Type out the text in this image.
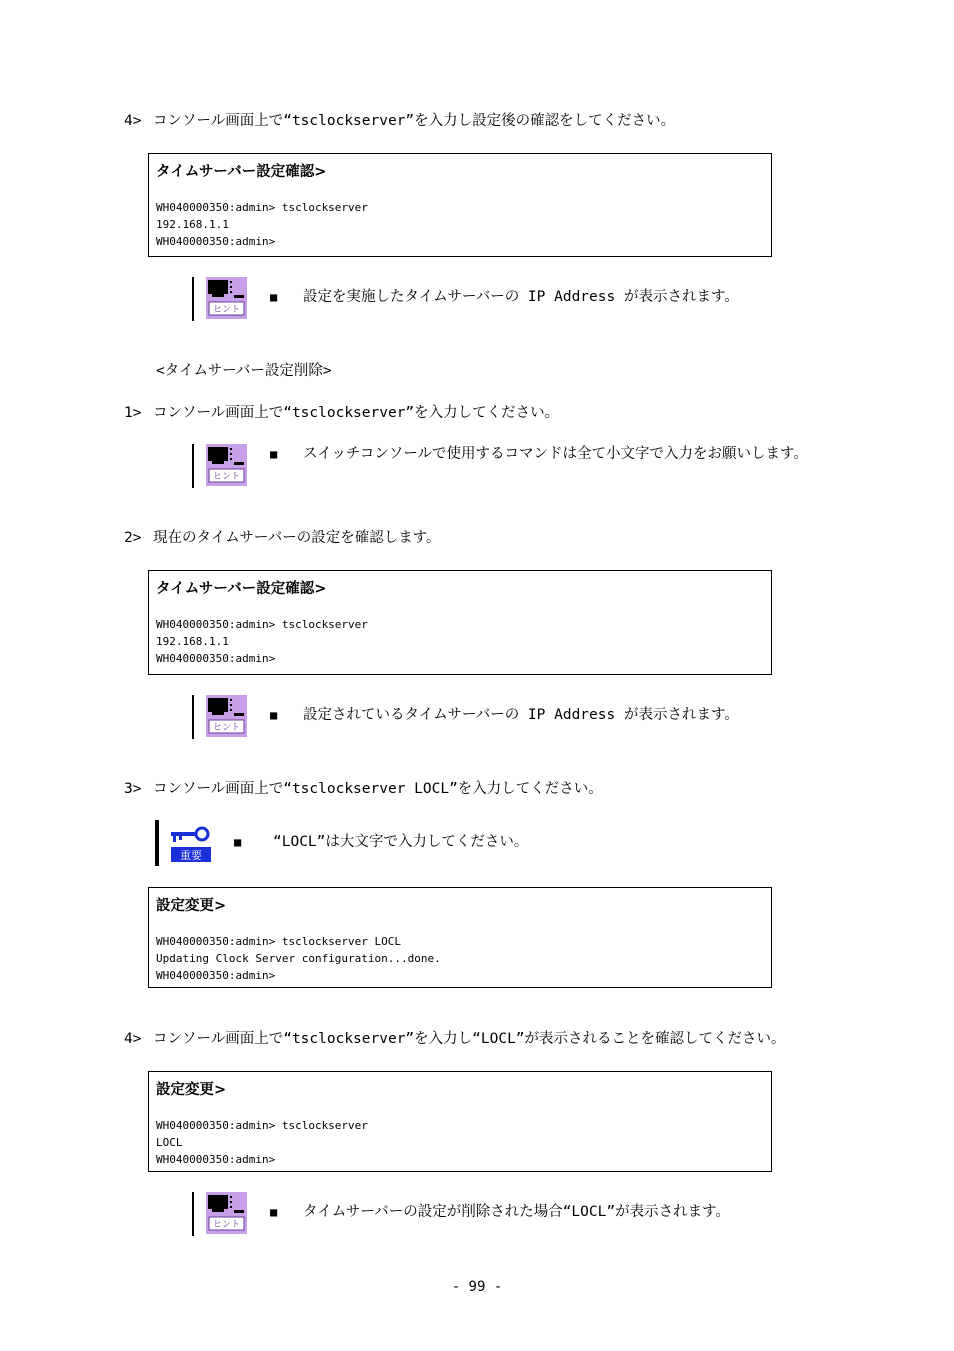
4> コンソール画面上で“tsclockserver”を入力し設定後の確認をしてください。
タイムサーバー設定確認>
WH040000350:admin> tsclockserver
192.168.1.1
WH040000350:admin>
ヒント
■ 設定を実施したタイムサーバーの IP Address が表示されます。
<タイムサーバー設定削除>
1> コンソール画面上で“tsclockserver”を入力してください。
ヒント
■ スイッチコンソールで使用するコマンドは全て小文字で入力をお願いします。
2> 現在のタイムサーバーの設定を確認します。
タイムサーバー設定確認>
WH040000350:admin> tsclockserver
192.168.1.1
WH040000350:admin>
ヒント
■ 設定されているタイムサーバーの IP Address が表示されます。
3> コンソール画面上で“tsclockserver LOCL”を入力してください。
重要
■ “LOCL”は大文字で入力してください。
設定変更>
WH040000350:admin> tsclockserver LOCL
Updating Clock Server configuration...done.
WH040000350:admin>
4> コンソール画面上で“tsclockserver”を入力し“LOCL”が表示されることを確認してください。
設定変更>
WH040000350:admin> tsclockserver
LOCL
WH040000350:admin>
ヒント
■ タイムサーバーの設定が削除された場合“LOCL”が表示されます。
- 99 -
